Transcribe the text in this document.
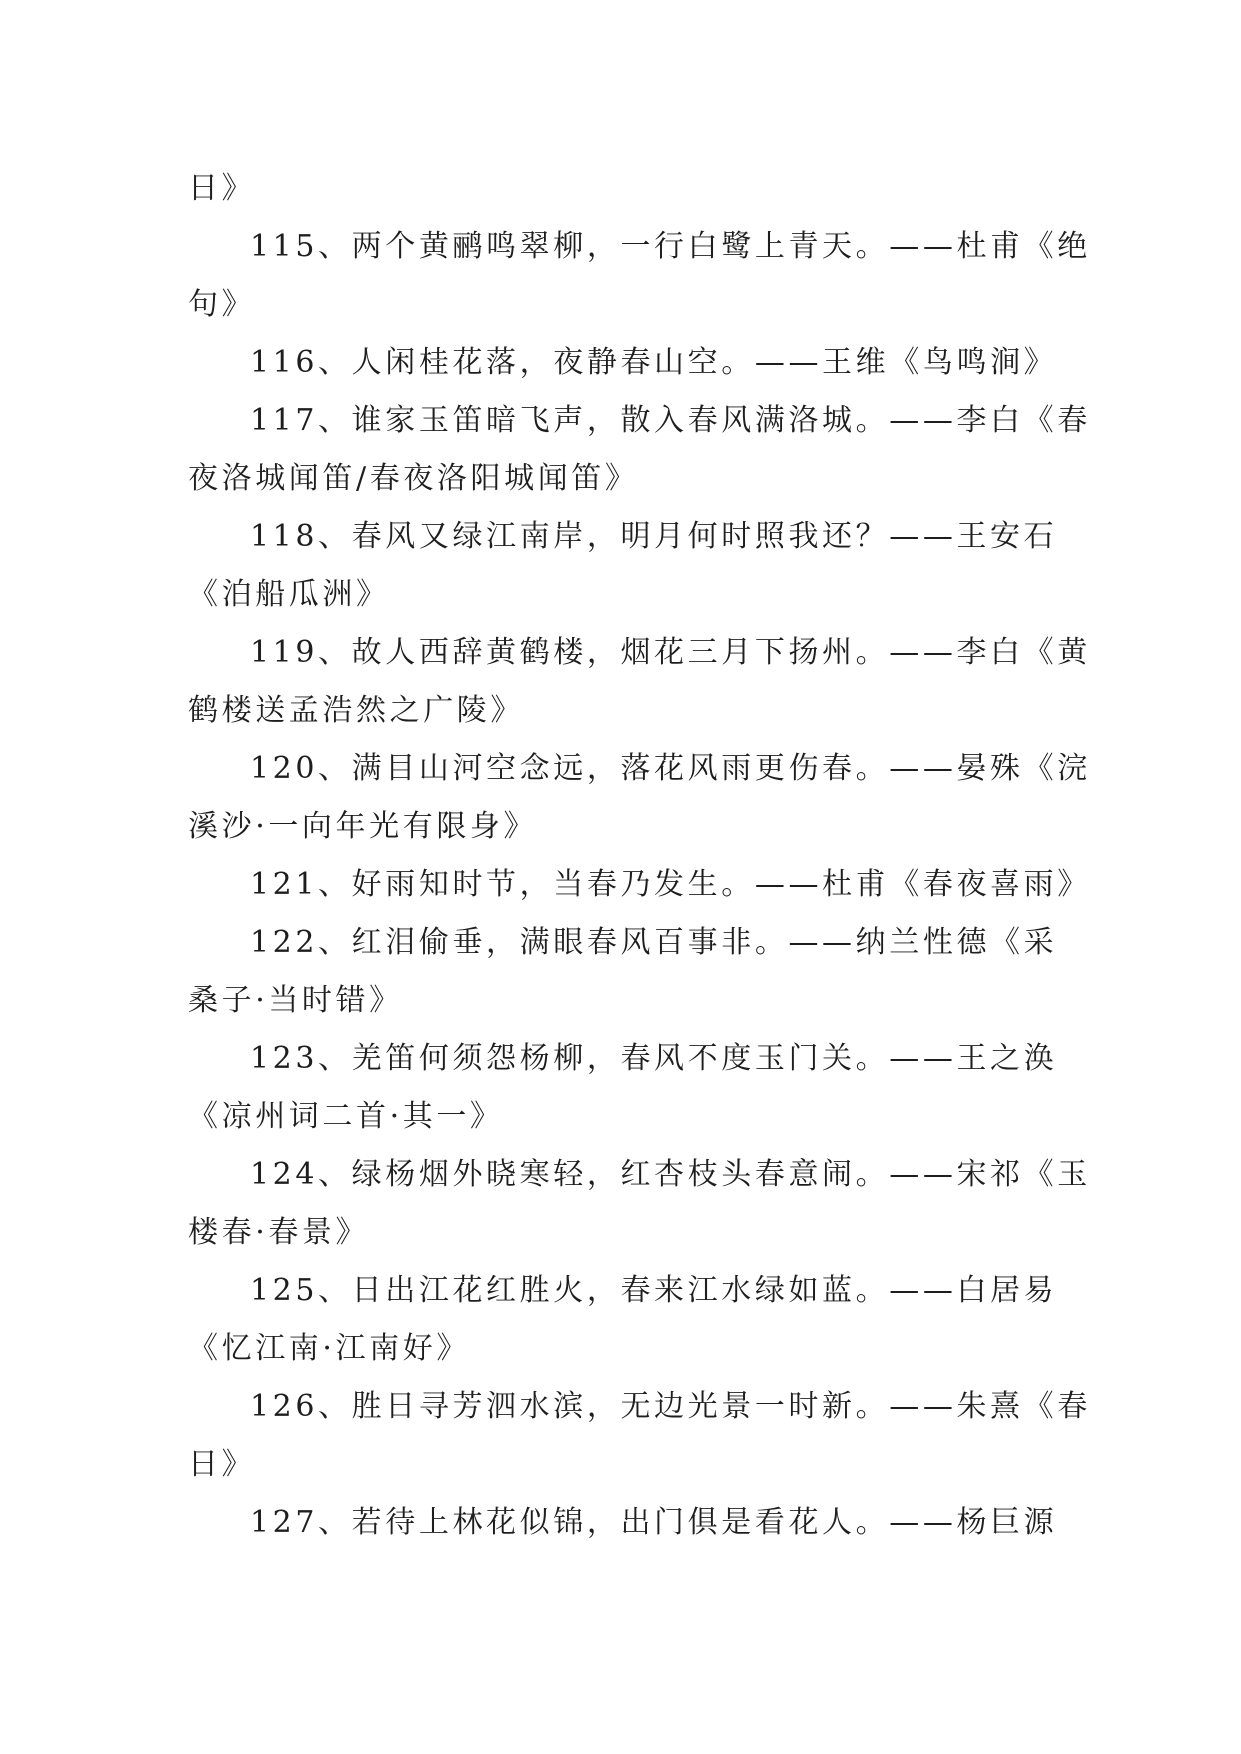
日》
115、两个黄鹂鸣翠柳，一行白鹭上青天。——杜甫《绝
句》
116、人闲桂花落，夜静春山空。——王维《鸟鸣涧》
117、谁家玉笛暗飞声，散入春风满洛城。——李白《春
夜洛城闻笛/春夜洛阳城闻笛》
118、春风又绿江南岸，明月何时照我还？——王安石
《泊船瓜洲》
119、故人西辞黄鹤楼，烟花三月下扬州。——李白《黄
鹤楼送孟浩然之广陵》
120、满目山河空念远，落花风雨更伤春。——晏殊《浣
溪沙·一向年光有限身》
121、好雨知时节，当春乃发生。——杜甫《春夜喜雨》
122、红泪偷垂，满眼春风百事非。——纳兰性德《采
桑子·当时错》
123、羌笛何须怨杨柳，春风不度玉门关。——王之涣
《凉州词二首·其一》
124、绿杨烟外晓寒轻，红杏枝头春意闹。——宋祁《玉
楼春·春景》
125、日出江花红胜火，春来江水绿如蓝。——白居易
《忆江南·江南好》
126、胜日寻芳泗水滨，无边光景一时新。——朱熹《春
日》
127、若待上林花似锦，出门俱是看花人。——杨巨源
